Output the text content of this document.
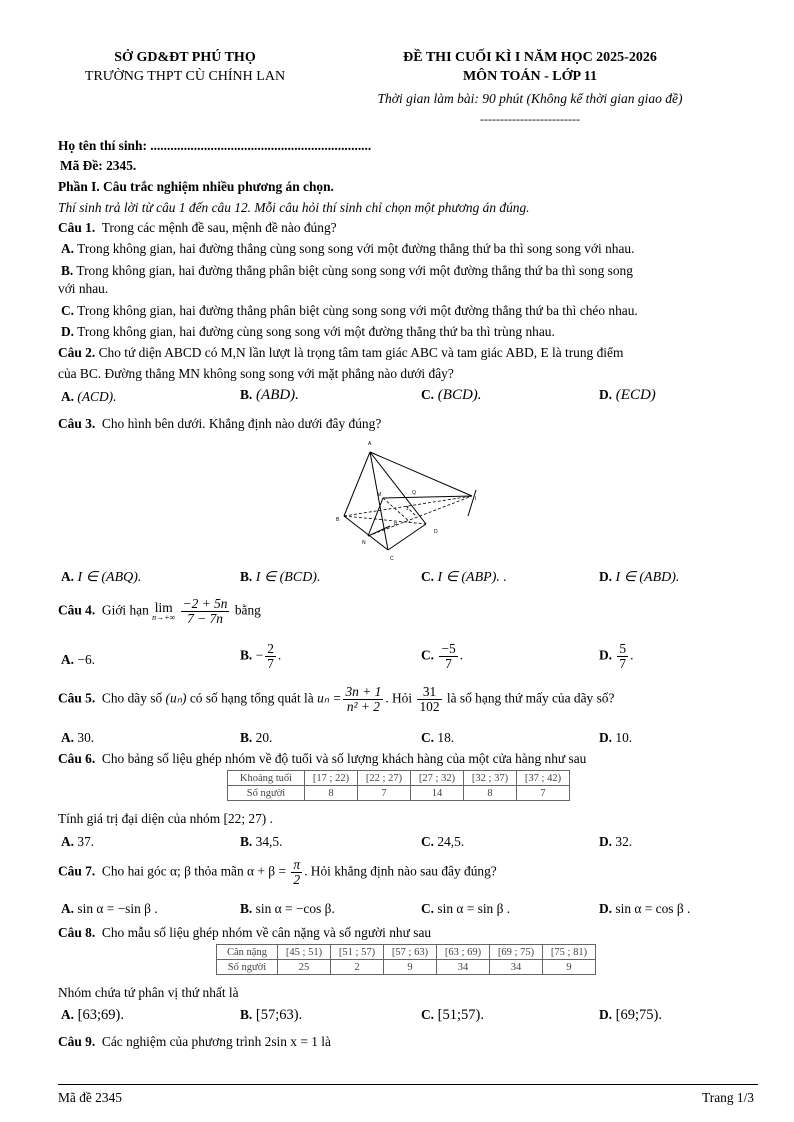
SỞ GD&ĐT PHÚ THỌ
TRƯỜNG THPT CÙ CHÍNH LAN
ĐỀ THI CUỐI KÌ I NĂM HỌC 2025-2026
MÔN TOÁN - LỚP 11
Thời gian làm bài: 90 phút (Không kể thời gian giao đề)
-------------------------
Họ tên thí sinh: ..................................................................
Mã Đề: 2345.
Phần I. Câu trắc nghiệm nhiều phương án chọn.
Thí sinh trả lời từ câu 1 đến câu 12. Mỗi câu hỏi thí sinh chỉ chọn một phương án đúng.
Câu 1. Trong các mệnh đề sau, mệnh đề nào đúng?
A. Trong không gian, hai đường thẳng cùng song song với một đường thẳng thứ ba thì song song với nhau.
B. Trong không gian, hai đường thẳng phân biệt cùng song song với một đường thẳng thứ ba thì song song
với nhau.
C. Trong không gian, hai đường thẳng phân biệt cùng song song với một đường thẳng thứ ba thì chéo nhau.
D. Trong không gian, hai đường cùng song song với một đường thẳng thứ ba thì trùng nhau.
Câu 2. Cho tứ diện ABCD có M,N lần lượt là trọng tâm tam giác ABC và tam giác ABD, E là trung điểm
của BC. Đường thẳng MN không song song với mặt phẳng nào dưới đây?
A. (ACD).	B. (ABD).	C. (BCD).	D. (ECD)
Câu 3. Cho hình bên dưới. Khẳng định nào dưới đây đúng?
A
M	Q
I
B
J
P
D
N
C
A. I ∈ (ABQ).	B. I ∈ (BCD).	C. I ∈ (ABP). .	D. I ∈ (ABD).
Câu 4. Giới hạn lim
n→+∞
$\frac{-2 + 5n}{7 - 7n}$ bằng
A. −6.	B. − $\frac{2}{7}$ .	C. $\frac{-5}{7}$ .	D. $\frac{5}{7}$ .
Câu 5. Cho dãy số (uₙ) có số hạng tổng quát là $u_n = \frac{3n + 1}{\text{n² + 2}}$ . Hỏi $\frac{31}{102}$ là số hạng thứ mấy của dãy số?
A. 30.	B. 20.	C. 18.	D. 10.
Câu 6. Cho bảng số liệu ghép nhóm về độ tuổi và số lượng khách hàng của một cửa hàng như sau
Khoảng tuổi	[17 ; 22)	[22 ; 27)	[27 ; 32)	[32 ; 37)	[37 ; 42)
Số người	8	7	14	8	7
Tính giá trị đại diện của nhóm [22; 27) .
A. 37.	B. 34,5.	C. 24,5.	D. 32.
Câu 7. Cho hai góc α; β thỏa mãn $\alpha + \beta = \frac{\pi}{2}$ . Hỏi khẳng định nào sau đây đúng?
A. sin α = −sin β .	B. sin α = −cos β.	C. sin α = sin β .	D. sin α = cos β .
Câu 8. Cho mẫu số liệu ghép nhóm về cân nặng và số người như sau
Cân nặng	[45 ; 51)	[51 ; 57)	[57 ; 63)	[63 ; 69)	[69 ; 75)	[75 ; 81)
Số người	25	2	9	34	34	9
Nhóm chứa tứ phân vị thứ nhất là
A. [63;69).	B. [57;63).	C. [51;57).	D. [69;75).
Câu 9. Các nghiệm của phương trình 2sin x = 1 là
Mã đề 2345	Trang 1/3
